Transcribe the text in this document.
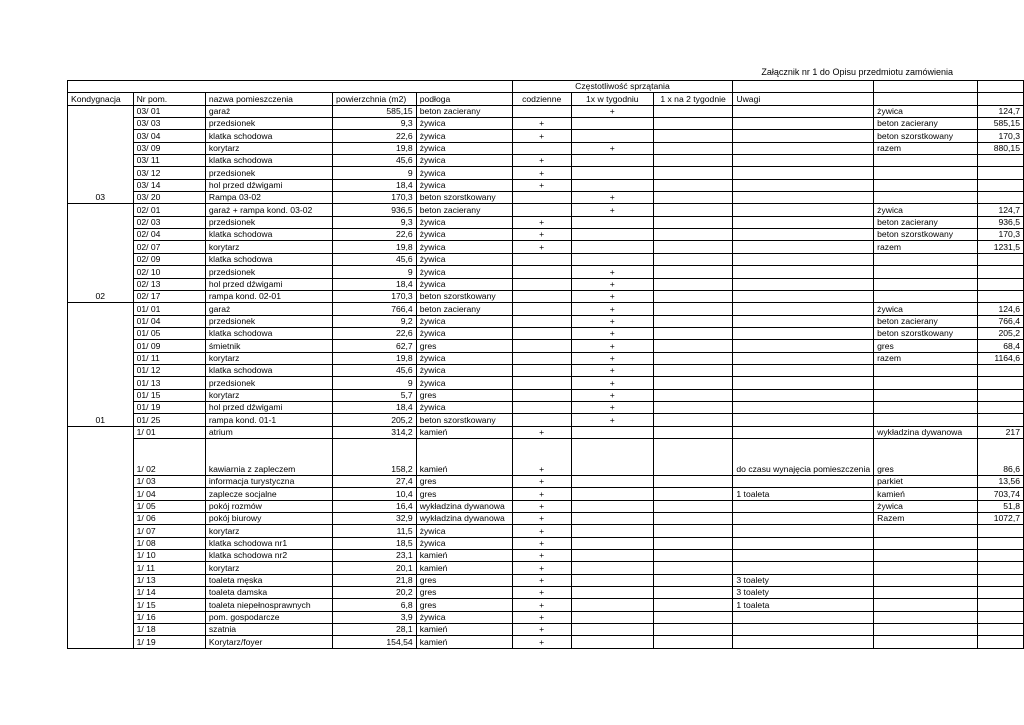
Załącznik nr 1 do Opisu przedmiotu zamówienia
					Częstotliwość sprzątania					
Kondygnacja	Nr pom.	nazwa pomieszczenia	powierzchnia (m2)	podłoga	codzienne	1x w tygodniu	1 x na 2 tygodnie	Uwagi		
	03/ 01	garaż	585,15	beton zacierany		+			żywica	124,7
	03/ 03	przedsionek	9,3	żywica	+				beton zacierany	585,15
	03/ 04	klatka schodowa	22,6	żywica	+				beton szorstkowany	170,3
	03/ 09	korytarz	19,8	żywica		+			razem	880,15
	03/ 11	klatka schodowa	45,6	żywica	+					
	03/ 12	przedsionek	9	żywica	+					
	03/ 14	hol przed dźwigami	18,4	żywica	+					
03	03/ 20	Rampa 03-02	170,3	beton szorstkowany		+				
	02/ 01	garaż + rampa kond. 03-02	936,5	beton zacierany		+			żywica	124,7
	02/ 03	przedsionek	9,3	żywica	+				beton zacierany	936,5
	02/ 04	klatka schodowa	22,6	żywica	+				beton szorstkowany	170,3
	02/ 07	korytarz	19,8	żywica	+				razem	1231,5
	02/ 09	klatka schodowa	45,6	żywica						
	02/ 10	przedsionek	9	żywica		+				
	02/ 13	hol przed dźwigami	18,4	żywica		+				
02	02/ 17	rampa kond. 02-01	170,3	beton szorstkowany		+				
	01/ 01	garaż	766,4	beton zacierany		+			żywica	124,6
	01/ 04	przedsionek	9,2	żywica		+			beton zacierany	766,4
	01/ 05	klatka schodowa	22,6	żywica		+			beton szorstkowany	205,2
	01/ 09	śmietnik	62,7	gres		+			gres	68,4
	01/ 11	korytarz	19,8	żywica		+			razem	1164,6
	01/ 12	klatka schodowa	45,6	żywica		+				
	01/ 13	przedsionek	9	żywica		+				
	01/ 15	korytarz	5,7	gres		+				
	01/ 19	hol przed dźwigami	18,4	żywica		+				
01	01/ 25	rampa kond. 01-1	205,2	beton szorstkowany		+				
	1/ 01	atrium	314,2	kamień	+				wykładzina dywanowa	217
	1/ 02	kawiarnia z zapleczem	158,2	kamień	+			do czasu wynajęcia pomieszczenia	gres	86,6
	1/ 03	informacja turystyczna	27,4	gres	+				parkiet	13,56
	1/ 04	zaplecze socjalne	10,4	gres	+			1 toaleta	kamień	703,74
	1/ 05	pokój rozmów	16,4	wykładzina dywanowa	+				żywica	51,8
	1/ 06	pokój biurowy	32,9	wykładzina dywanowa	+				Razem	1072,7
	1/ 07	korytarz	11,5	żywica	+					
	1/ 08	klatka schodowa nr1	18,5	żywica	+					
	1/ 10	klatka schodowa nr2	23,1	kamień	+					
	1/ 11	korytarz	20,1	kamień	+					
	1/ 13	toaleta męska	21,8	gres	+			3 toalety		
	1/ 14	toaleta damska	20,2	gres	+			3 toalety		
	1/ 15	toaleta niepełnosprawnych	6,8	gres	+			1 toaleta		
	1/ 16	pom. gospodarcze	3,9	żywica	+					
	1/ 18	szatnia	28,1	kamień	+					
	1/ 19	Korytarz/foyer	154,54	kamień	+					
